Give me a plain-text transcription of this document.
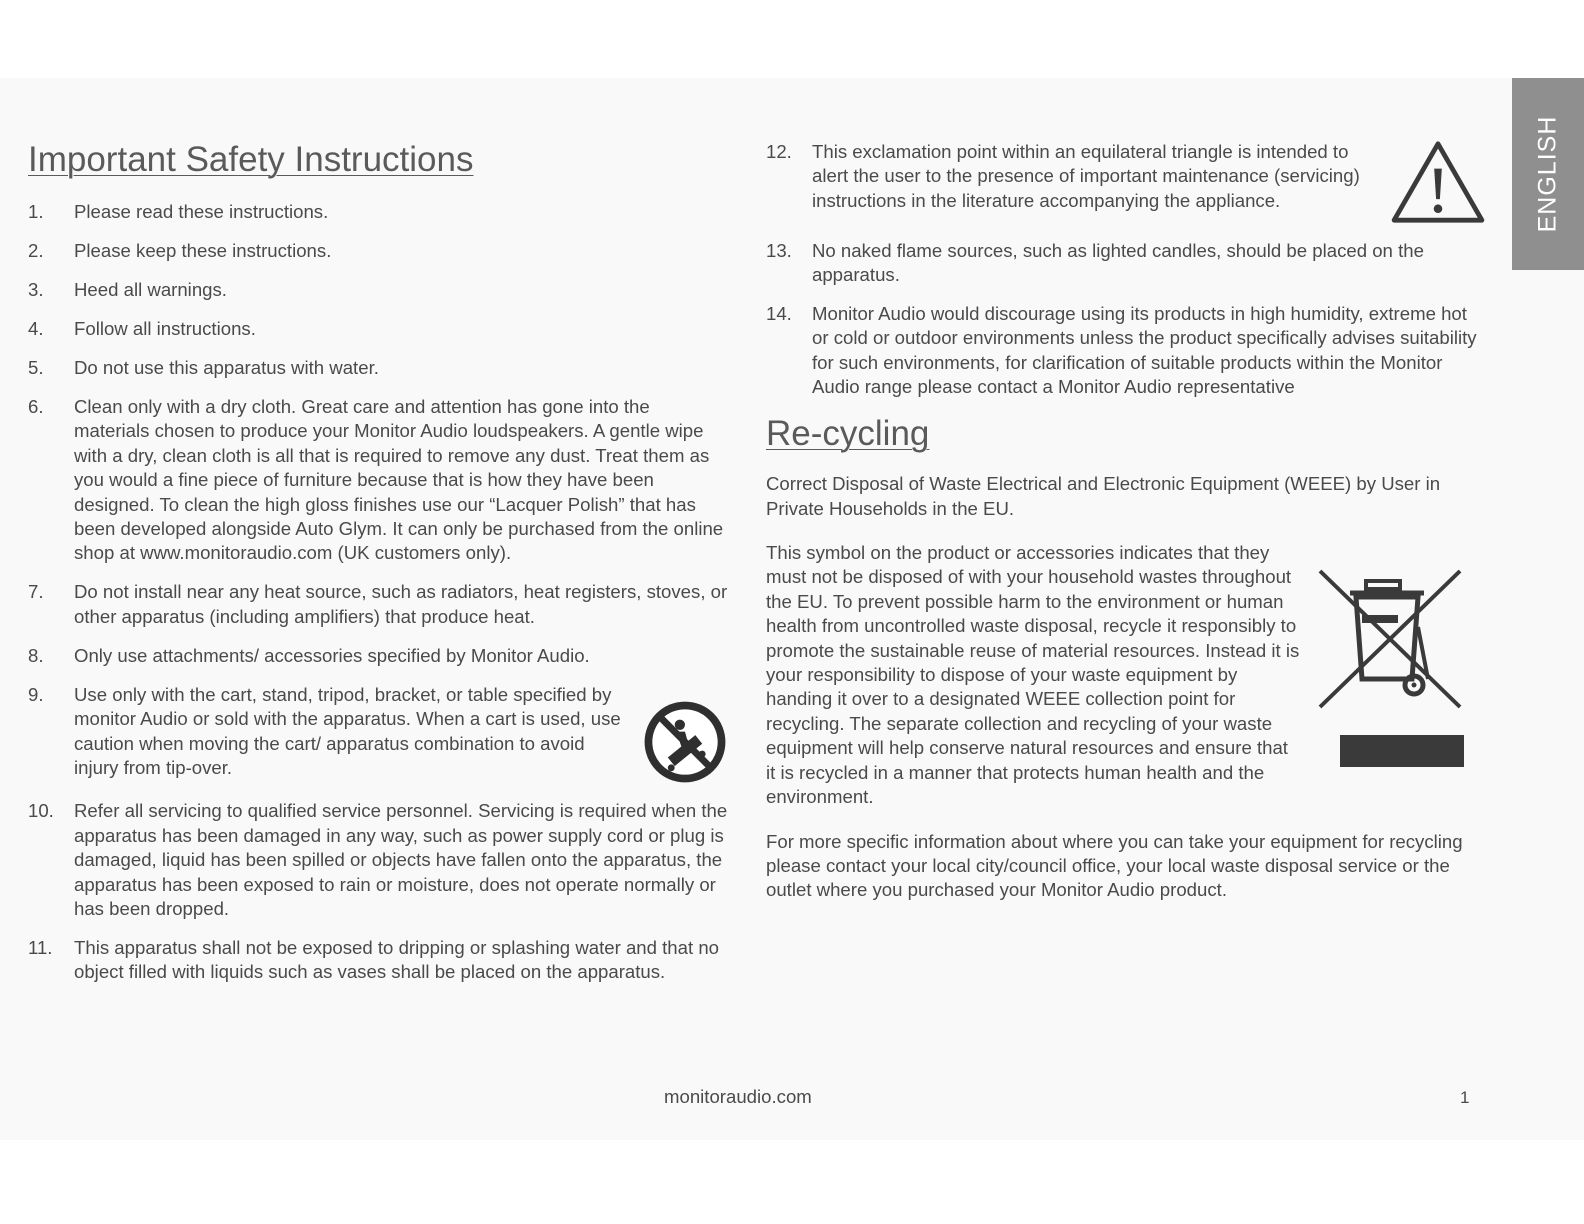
ENGLISH
Important Safety Instructions
1. Please read these instructions.
2. Please keep these instructions.
3. Heed all warnings.
4. Follow all instructions.
5. Do not use this apparatus with water.
6. Clean only with a dry cloth. Great care and attention has gone into the materials chosen to produce your Monitor Audio loudspeakers. A gentle wipe with a dry, clean cloth is all that is required to remove any dust. Treat them as you would a fine piece of furniture because that is how they have been designed. To clean the high gloss finishes use our “Lacquer Polish” that has been developed alongside Auto Glym. It can only be purchased from the online shop at www.monitoraudio.com (UK customers only).
7. Do not install near any heat source, such as radiators, heat registers, stoves, or other apparatus (including amplifiers) that produce heat.
8. Only use attachments/ accessories specified by Monitor Audio.
9. Use only with the cart, stand, tripod, bracket, or table specified by monitor Audio or sold with the apparatus. When a cart is used, use caution when moving the cart/ apparatus combination to avoid injury from tip-over.
10. Refer all servicing to qualified service personnel. Servicing is required when the apparatus has been damaged in any way, such as power supply cord or plug is damaged, liquid has been spilled or objects have fallen onto the apparatus, the apparatus has been exposed to rain or moisture, does not operate normally or has been dropped.
11. This apparatus shall not be exposed to dripping or splashing water and that no object filled with liquids such as vases shall be placed on the apparatus.
12. This exclamation point within an equilateral triangle is intended to alert the user to the presence of important maintenance (servicing) instructions in the literature accompanying the appliance.
13. No naked flame sources, such as lighted candles, should be placed on the apparatus.
14. Monitor Audio would discourage using its products in high humidity, extreme hot or cold or outdoor environments unless the product specifically advises suitability for such environments, for clarification of suitable products within the Monitor Audio range please contact a Monitor Audio representative
Re-cycling

Correct Disposal of Waste Electrical and Electronic Equipment (WEEE) by User in Private Households in the EU.

This symbol on the product or accessories indicates that they must not be disposed of with your household wastes throughout the EU. To prevent possible harm to the environment or human health from uncontrolled waste disposal, recycle it responsibly to promote the sustainable reuse of material resources. Instead it is your responsibility to dispose of your waste equipment by handing it over to a designated WEEE collection point for recycling. The separate collection and recycling of your waste equipment will help conserve natural resources and ensure that it is recycled in a manner that protects human health and the environment.

For more specific information about where you can take your equipment for recycling please contact your local city/council office, your local waste disposal service or the outlet where you purchased your Monitor Audio product.

monitoraudio.com	1
